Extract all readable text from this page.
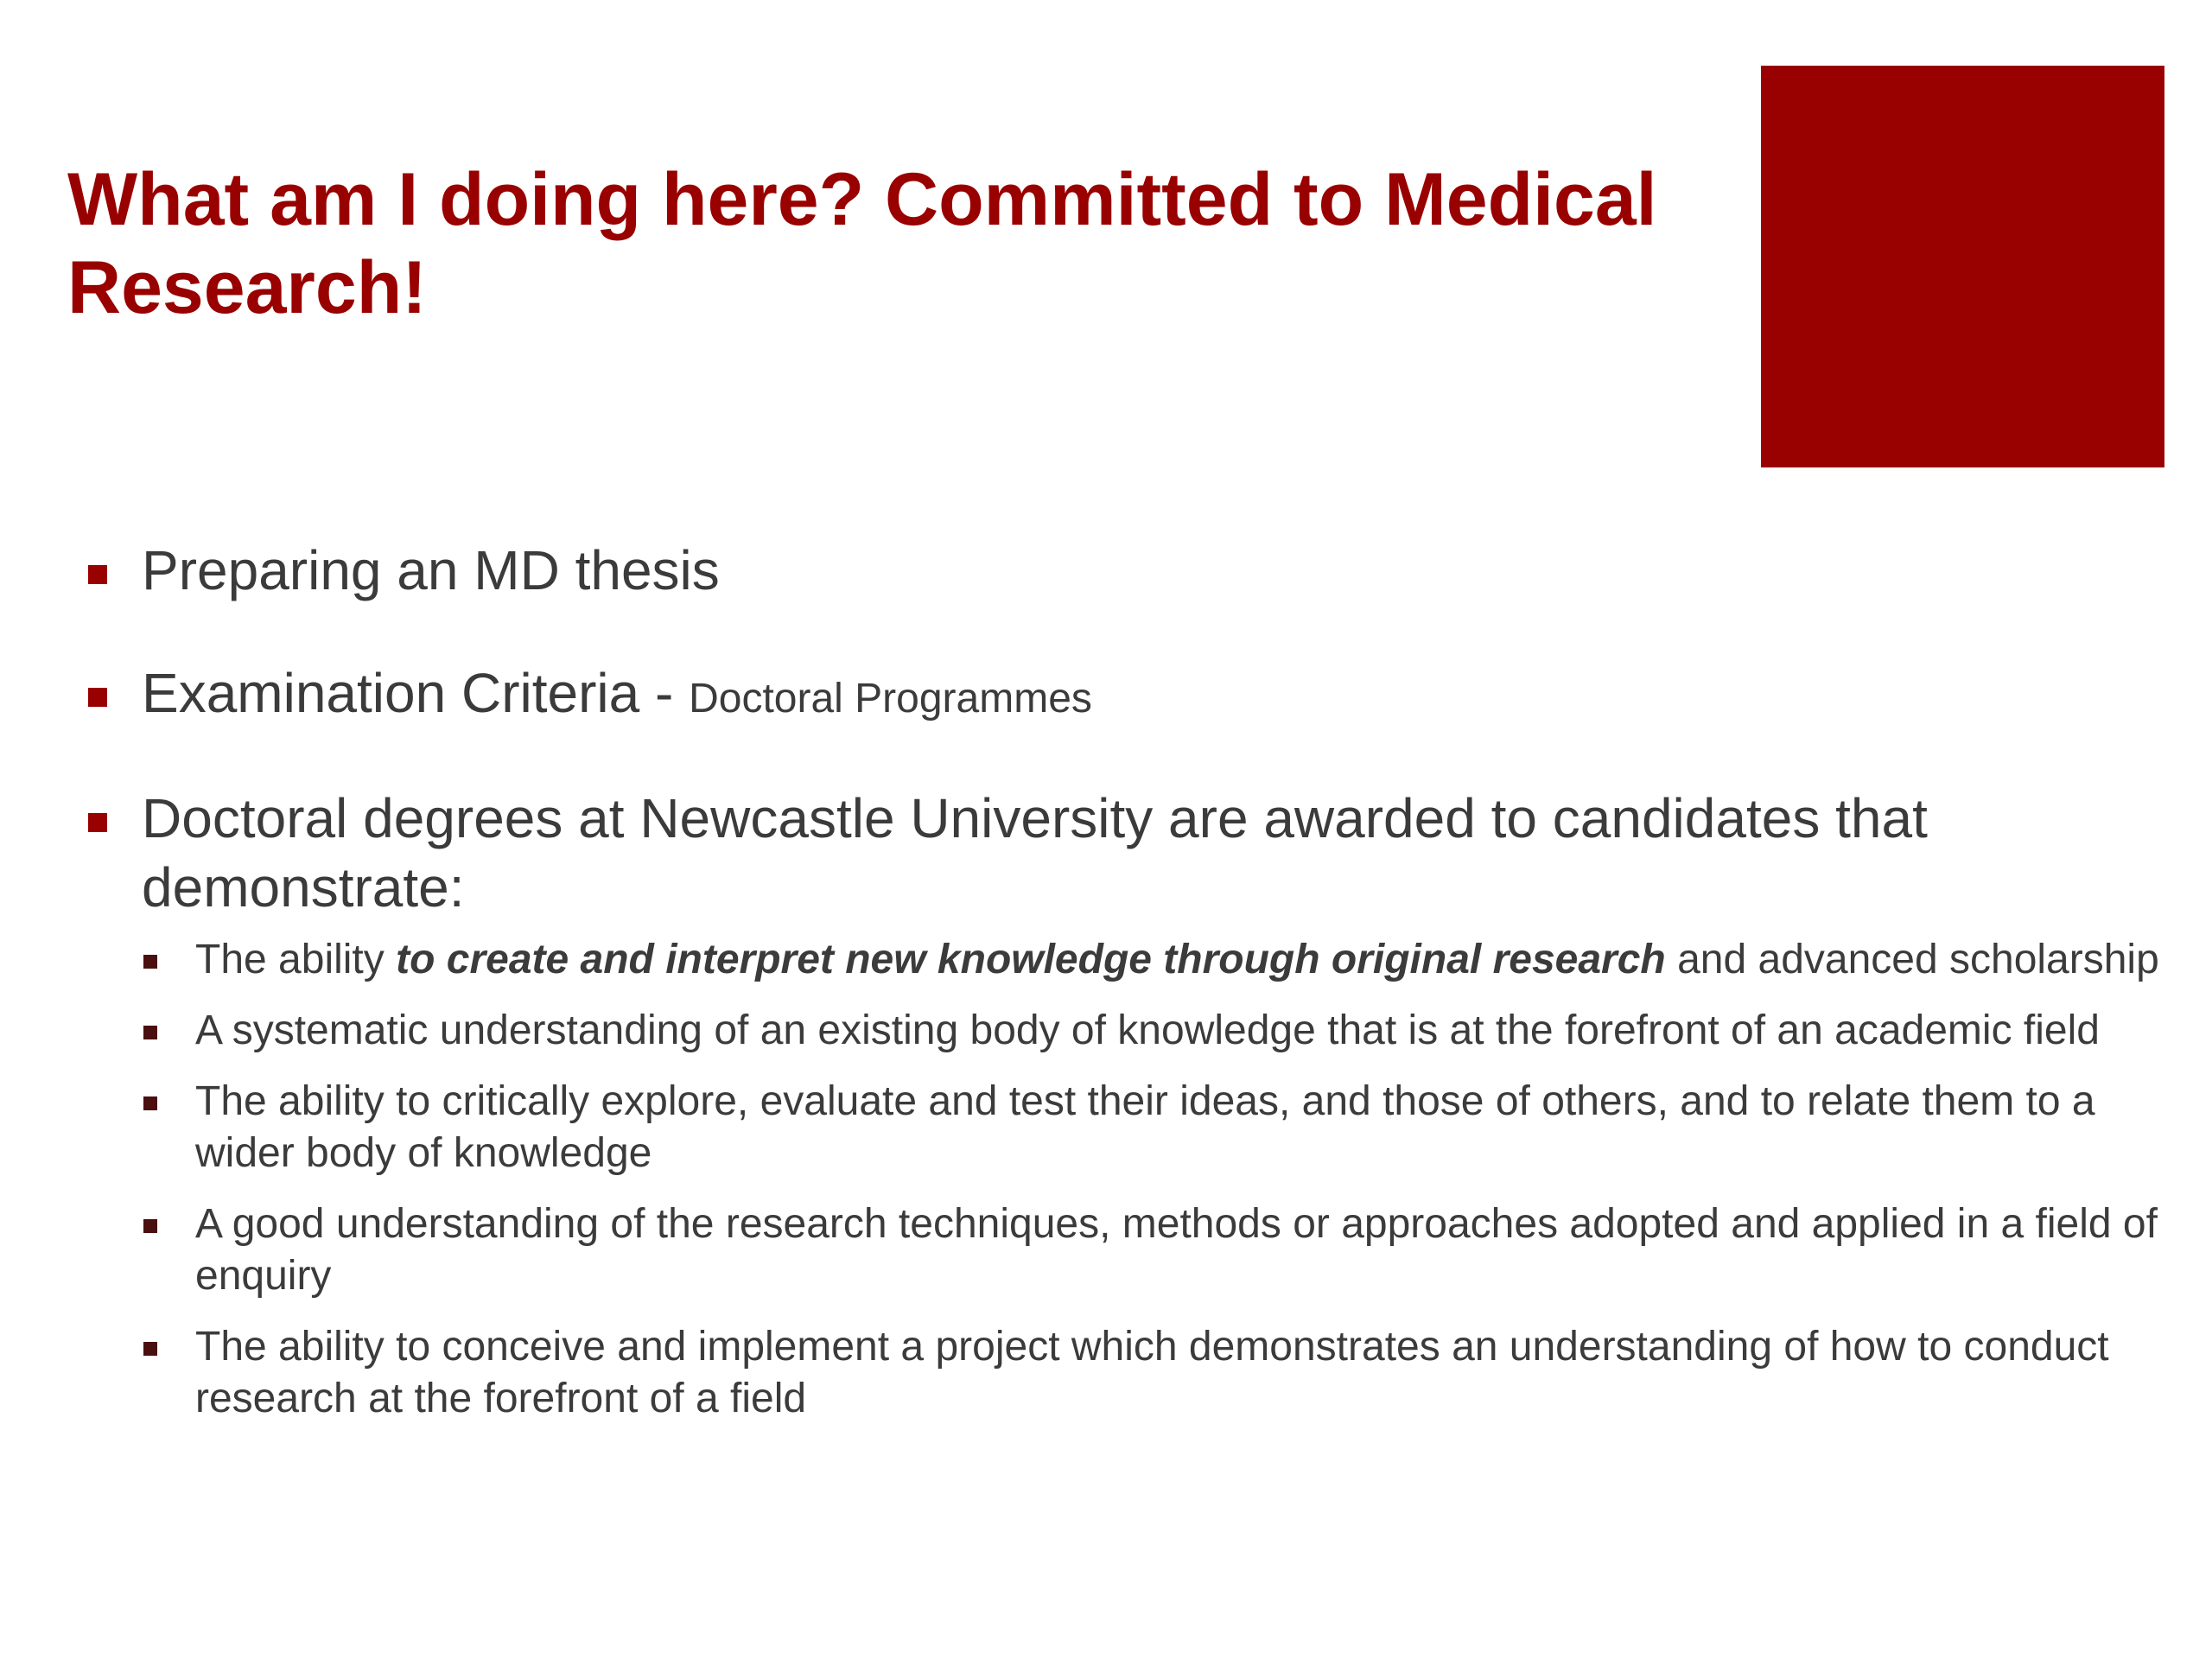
What am I doing here? Committed to Medical Research!
Preparing an MD thesis
Examination Criteria - Doctoral Programmes
Doctoral degrees at Newcastle University are awarded to candidates that demonstrate:
The ability to create and interpret new knowledge through original research and advanced scholarship
A systematic understanding of an existing body of knowledge that is at the forefront of an academic field
The ability to critically explore, evaluate and test their ideas, and those of others, and to relate them to a wider body of knowledge
A good understanding of the research techniques, methods or approaches adopted and applied in a field of enquiry
The ability to conceive and implement a project which demonstrates an understanding of how to conduct research at the forefront of a field
